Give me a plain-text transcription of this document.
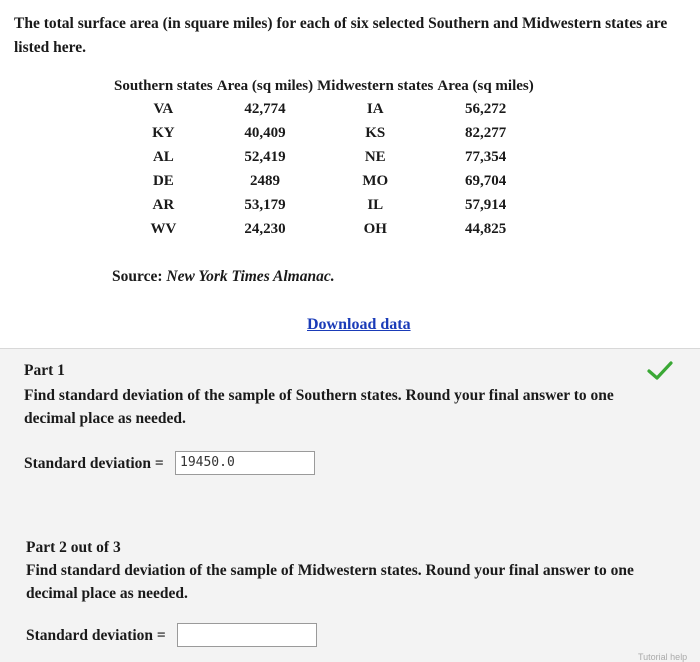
The total surface area (in square miles) for each of six selected Southern and Midwestern states are listed here.
Southern states	Area (sq miles)	Midwestern states	Area (sq miles)
VA	42,774	IA	56,272
KY	40,409	KS	82,277
AL	52,419	NE	77,354
DE	2489	MO	69,704
AR	53,179	IL	57,914
WV	24,230	OH	44,825
Source: New York Times Almanac.
Download data
Part 1
Find standard deviation of the sample of Southern states. Round your final answer to one decimal place as needed.
Standard deviation =	19450.0
Part 2 out of 3
Find standard deviation of the sample of Midwestern states. Round your final answer to one decimal place as needed.
Standard deviation =
Tutorial help
